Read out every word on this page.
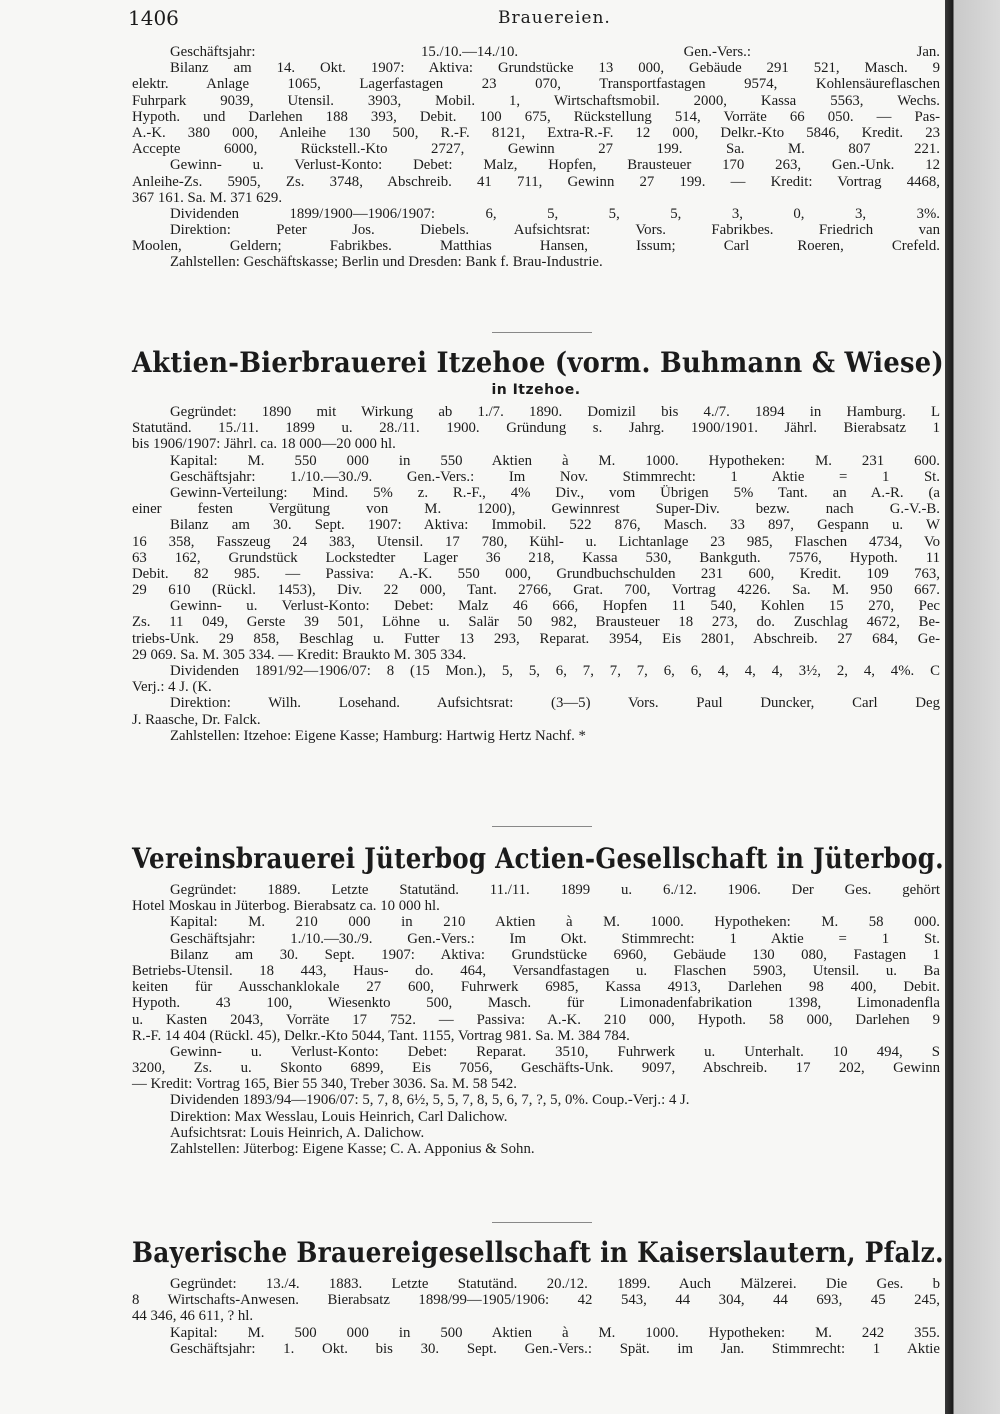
1406	Brauereien.
Geschäftsjahr: 15./10.—14./10. Gen.-Vers.: Jan.
Bilanz am 14. Okt. 1907: Aktiva: Grundstücke 13 000, Gebäude 291 521, Masch. 9
elektr. Anlage 1065, Lagerfastagen 23 070, Transportfastagen 9574, Kohlensäureflaschen
Fuhrpark 9039, Utensil. 3903, Mobil. 1, Wirtschaftsmobil. 2000, Kassa 5563, Wechs.
Hypoth. und Darlehen 188 393, Debit. 100 675, Rückstellung 514, Vorräte 66 050. — Pas-
A.-K. 380 000, Anleihe 130 500, R.-F. 8121, Extra-R.-F. 12 000, Delkr.-Kto 5846, Kredit. 23
Accepte 6000, Rückstell.-Kto 2727, Gewinn 27 199. Sa. M. 807 221.
Gewinn- u. Verlust-Konto: Debet: Malz, Hopfen, Brausteuer 170 263, Gen.-Unk. 12
Anleihe-Zs. 5905, Zs. 3748, Abschreib. 41 711, Gewinn 27 199. — Kredit: Vortrag 4468,
367 161. Sa. M. 371 629.
Dividenden 1899/1900—1906/1907: 6, 5, 5, 5, 3, 0, 3, 3%.
Direktion: Peter Jos. Diebels. Aufsichtsrat: Vors. Fabrikbes. Friedrich van
Moolen, Geldern; Fabrikbes. Matthias Hansen, Issum; Carl Roeren, Crefeld.
Zahlstellen: Geschäftskasse; Berlin und Dresden: Bank f. Brau-Industrie.
Aktien-Bierbrauerei Itzehoe (vorm. Buhmann & Wiese)
in Itzehoe.
Gegründet: 1890 mit Wirkung ab 1./7. 1890. Domizil bis 4./7. 1894 in Hamburg. L
Statutänd. 15./11. 1899 u. 28./11. 1900. Gründung s. Jahrg. 1900/1901. Jährl. Bierabsatz 1
bis 1906/1907: Jährl. ca. 18 000—20 000 hl.
Kapital: M. 550 000 in 550 Aktien à M. 1000. Hypotheken: M. 231 600.
Geschäftsjahr: 1./10.—30./9. Gen.-Vers.: Im Nov. Stimmrecht: 1 Aktie = 1 St.
Gewinn-Verteilung: Mind. 5% z. R.-F., 4% Div., vom Übrigen 5% Tant. an A.-R. (a
einer festen Vergütung von M. 1200), Gewinnrest Super-Div. bezw. nach G.-V.-B.
Bilanz am 30. Sept. 1907: Aktiva: Immobil. 522 876, Masch. 33 897, Gespann u. W
16 358, Fasszeug 24 383, Utensil. 17 780, Kühl- u. Lichtanlage 23 985, Flaschen 4734, Vo
63 162, Grundstück Lockstedter Lager 36 218, Kassa 530, Bankguth. 7576, Hypoth. 11
Debit. 82 985. — Passiva: A.-K. 550 000, Grundbuchschulden 231 600, Kredit. 109 763,
29 610 (Rückl. 1453), Div. 22 000, Tant. 2766, Grat. 700, Vortrag 4226. Sa. M. 950 667.
Gewinn- u. Verlust-Konto: Debet: Malz 46 666, Hopfen 11 540, Kohlen 15 270, Pec
Zs. 11 049, Gerste 39 501, Löhne u. Salär 50 982, Brausteuer 18 273, do. Zuschlag 4672, Be-
triebs-Unk. 29 858, Beschlag u. Futter 13 293, Reparat. 3954, Eis 2801, Abschreib. 27 684, Ge-
29 069. Sa. M. 305 334. — Kredit: Braukto M. 305 334.
Dividenden 1891/92—1906/07: 8 (15 Mon.), 5, 5, 6, 7, 7, 7, 6, 6, 4, 4, 4, 3½, 2, 4, 4%. C
Verj.: 4 J. (K.
Direktion: Wilh. Losehand. Aufsichtsrat: (3—5) Vors. Paul Duncker, Carl Deg
J. Raasche, Dr. Falck.
Zahlstellen: Itzehoe: Eigene Kasse; Hamburg: Hartwig Hertz Nachf. *
Vereinsbrauerei Jüterbog Actien-Gesellschaft in Jüterbog.
Gegründet: 1889. Letzte Statutänd. 11./11. 1899 u. 6./12. 1906. Der Ges. gehört
Hotel Moskau in Jüterbog. Bierabsatz ca. 10 000 hl.
Kapital: M. 210 000 in 210 Aktien à M. 1000. Hypotheken: M. 58 000.
Geschäftsjahr: 1./10.—30./9. Gen.-Vers.: Im Okt. Stimmrecht: 1 Aktie = 1 St.
Bilanz am 30. Sept. 1907: Aktiva: Grundstücke 6960, Gebäude 130 080, Fastagen 1
Betriebs-Utensil. 18 443, Haus- do. 464, Versandfastagen u. Flaschen 5903, Utensil. u. Ba
keiten für Ausschanklokale 27 600, Fuhrwerk 6985, Kassa 4913, Darlehen 98 400, Debit.
Hypoth. 43 100, Wiesenkto 500, Masch. für Limonadenfabrikation 1398, Limonadenfla
u. Kasten 2043, Vorräte 17 752. — Passiva: A.-K. 210 000, Hypoth. 58 000, Darlehen 9
R.-F. 14 404 (Rückl. 45), Delkr.-Kto 5044, Tant. 1155, Vortrag 981. Sa. M. 384 784.
Gewinn- u. Verlust-Konto: Debet: Reparat. 3510, Fuhrwerk u. Unterhalt. 10 494, S
3200, Zs. u. Skonto 6899, Eis 7056, Geschäfts-Unk. 9097, Abschreib. 17 202, Gewinn
— Kredit: Vortrag 165, Bier 55 340, Treber 3036. Sa. M. 58 542.
Dividenden 1893/94—1906/07: 5, 7, 8, 6½, 5, 5, 7, 8, 5, 6, 7, ?, 5, 0%. Coup.-Verj.: 4 J.
Direktion: Max Wesslau, Louis Heinrich, Carl Dalichow.
Aufsichtsrat: Louis Heinrich, A. Dalichow.
Zahlstellen: Jüterbog: Eigene Kasse; C. A. Apponius & Sohn.
Bayerische Brauereigesellschaft in Kaiserslautern, Pfalz.
Gegründet: 13./4. 1883. Letzte Statutänd. 20./12. 1899. Auch Mälzerei. Die Ges. b
8 Wirtschafts-Anwesen. Bierabsatz 1898/99—1905/1906: 42 543, 44 304, 44 693, 45 245,
44 346, 46 611, ? hl.
Kapital: M. 500 000 in 500 Aktien à M. 1000. Hypotheken: M. 242 355.
Geschäftsjahr: 1. Okt. bis 30. Sept. Gen.-Vers.: Spät. im Jan. Stimmrecht: 1 Aktie
